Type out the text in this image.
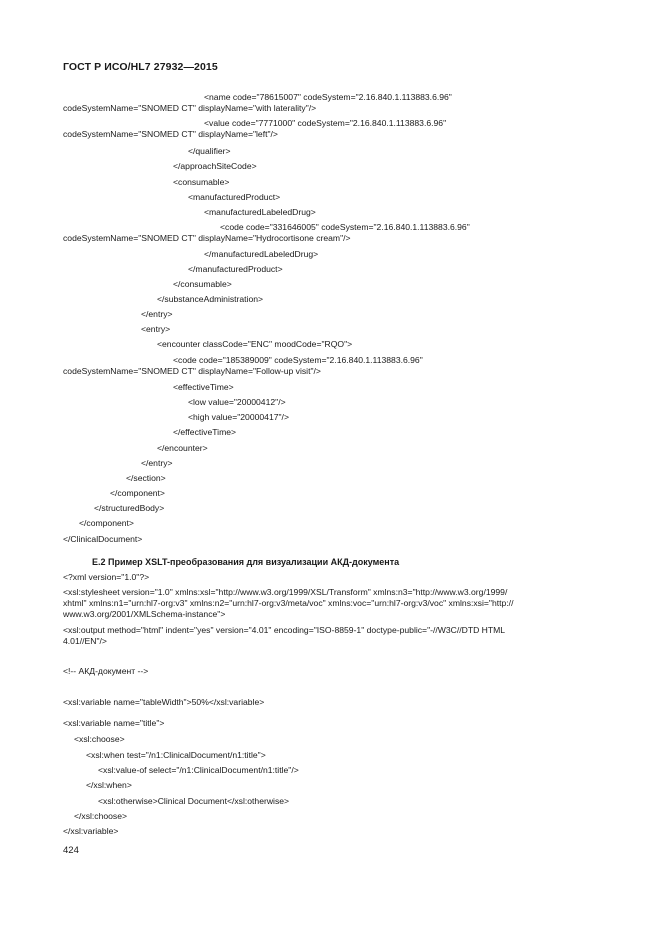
ГОСТ Р ИСО/HL7 27932—2015
<name code="78615007" codeSystem="2.16.840.1.113883.6.96"
codeSystemName="SNOMED CT" displayName="with laterality"/>
<value code="7771000" codeSystem="2.16.840.1.113883.6.96"
codeSystemName="SNOMED CT" displayName="left"/>
</qualifier>
</approachSiteCode>
<consumable>
<manufacturedProduct>
<manufacturedLabeledDrug>
<code code="331646005" codeSystem="2.16.840.1.113883.6.96"
codeSystemName="SNOMED CT" displayName="Hydrocortisone cream"/>
</manufacturedLabeledDrug>
</manufacturedProduct>
</consumable>
</substanceAdministration>
</entry>
<entry>
<encounter classCode="ENC" moodCode="RQO">
<code code="185389009" codeSystem="2.16.840.1.113883.6.96"
codeSystemName="SNOMED CT" displayName="Follow-up visit"/>
<effectiveTime>
<low value="20000412"/>
<high value="20000417"/>
</effectiveTime>
</encounter>
</entry>
</section>
</component>
</structuredBody>
</component>
</ClinicalDocument>
Е.2 Пример XSLT-преобразования для визуализации АКД-документа
<?xml version="1.0"?>
<xsl:stylesheet version="1.0" xmlns:xsl="http://www.w3.org/1999/XSL/Transform" xmlns:n3="http://www.w3.org/1999/
xhtml" xmlns:n1="urn:hl7-org:v3" xmlns:n2="urn:hl7-org:v3/meta/voc" xmlns:voc="urn:hl7-org:v3/voc" xmlns:xsi="http://
www.w3.org/2001/XMLSchema-instance">
<xsl:output method="html" indent="yes" version="4.01" encoding="ISO-8859-1" doctype-public="-//W3C//DTD HTML
4.01//EN"/>
<!-- АКД-документ -->
<xsl:variable name="tableWidth">50%</xsl:variable>
<xsl:variable name="title">
<xsl:choose>
<xsl:when test="/n1:ClinicalDocument/n1:title">
<xsl:value-of select="/n1:ClinicalDocument/n1:title"/>
</xsl:when>
<xsl:otherwise>Clinical Document</xsl:otherwise>
</xsl:choose>
</xsl:variable>
424
